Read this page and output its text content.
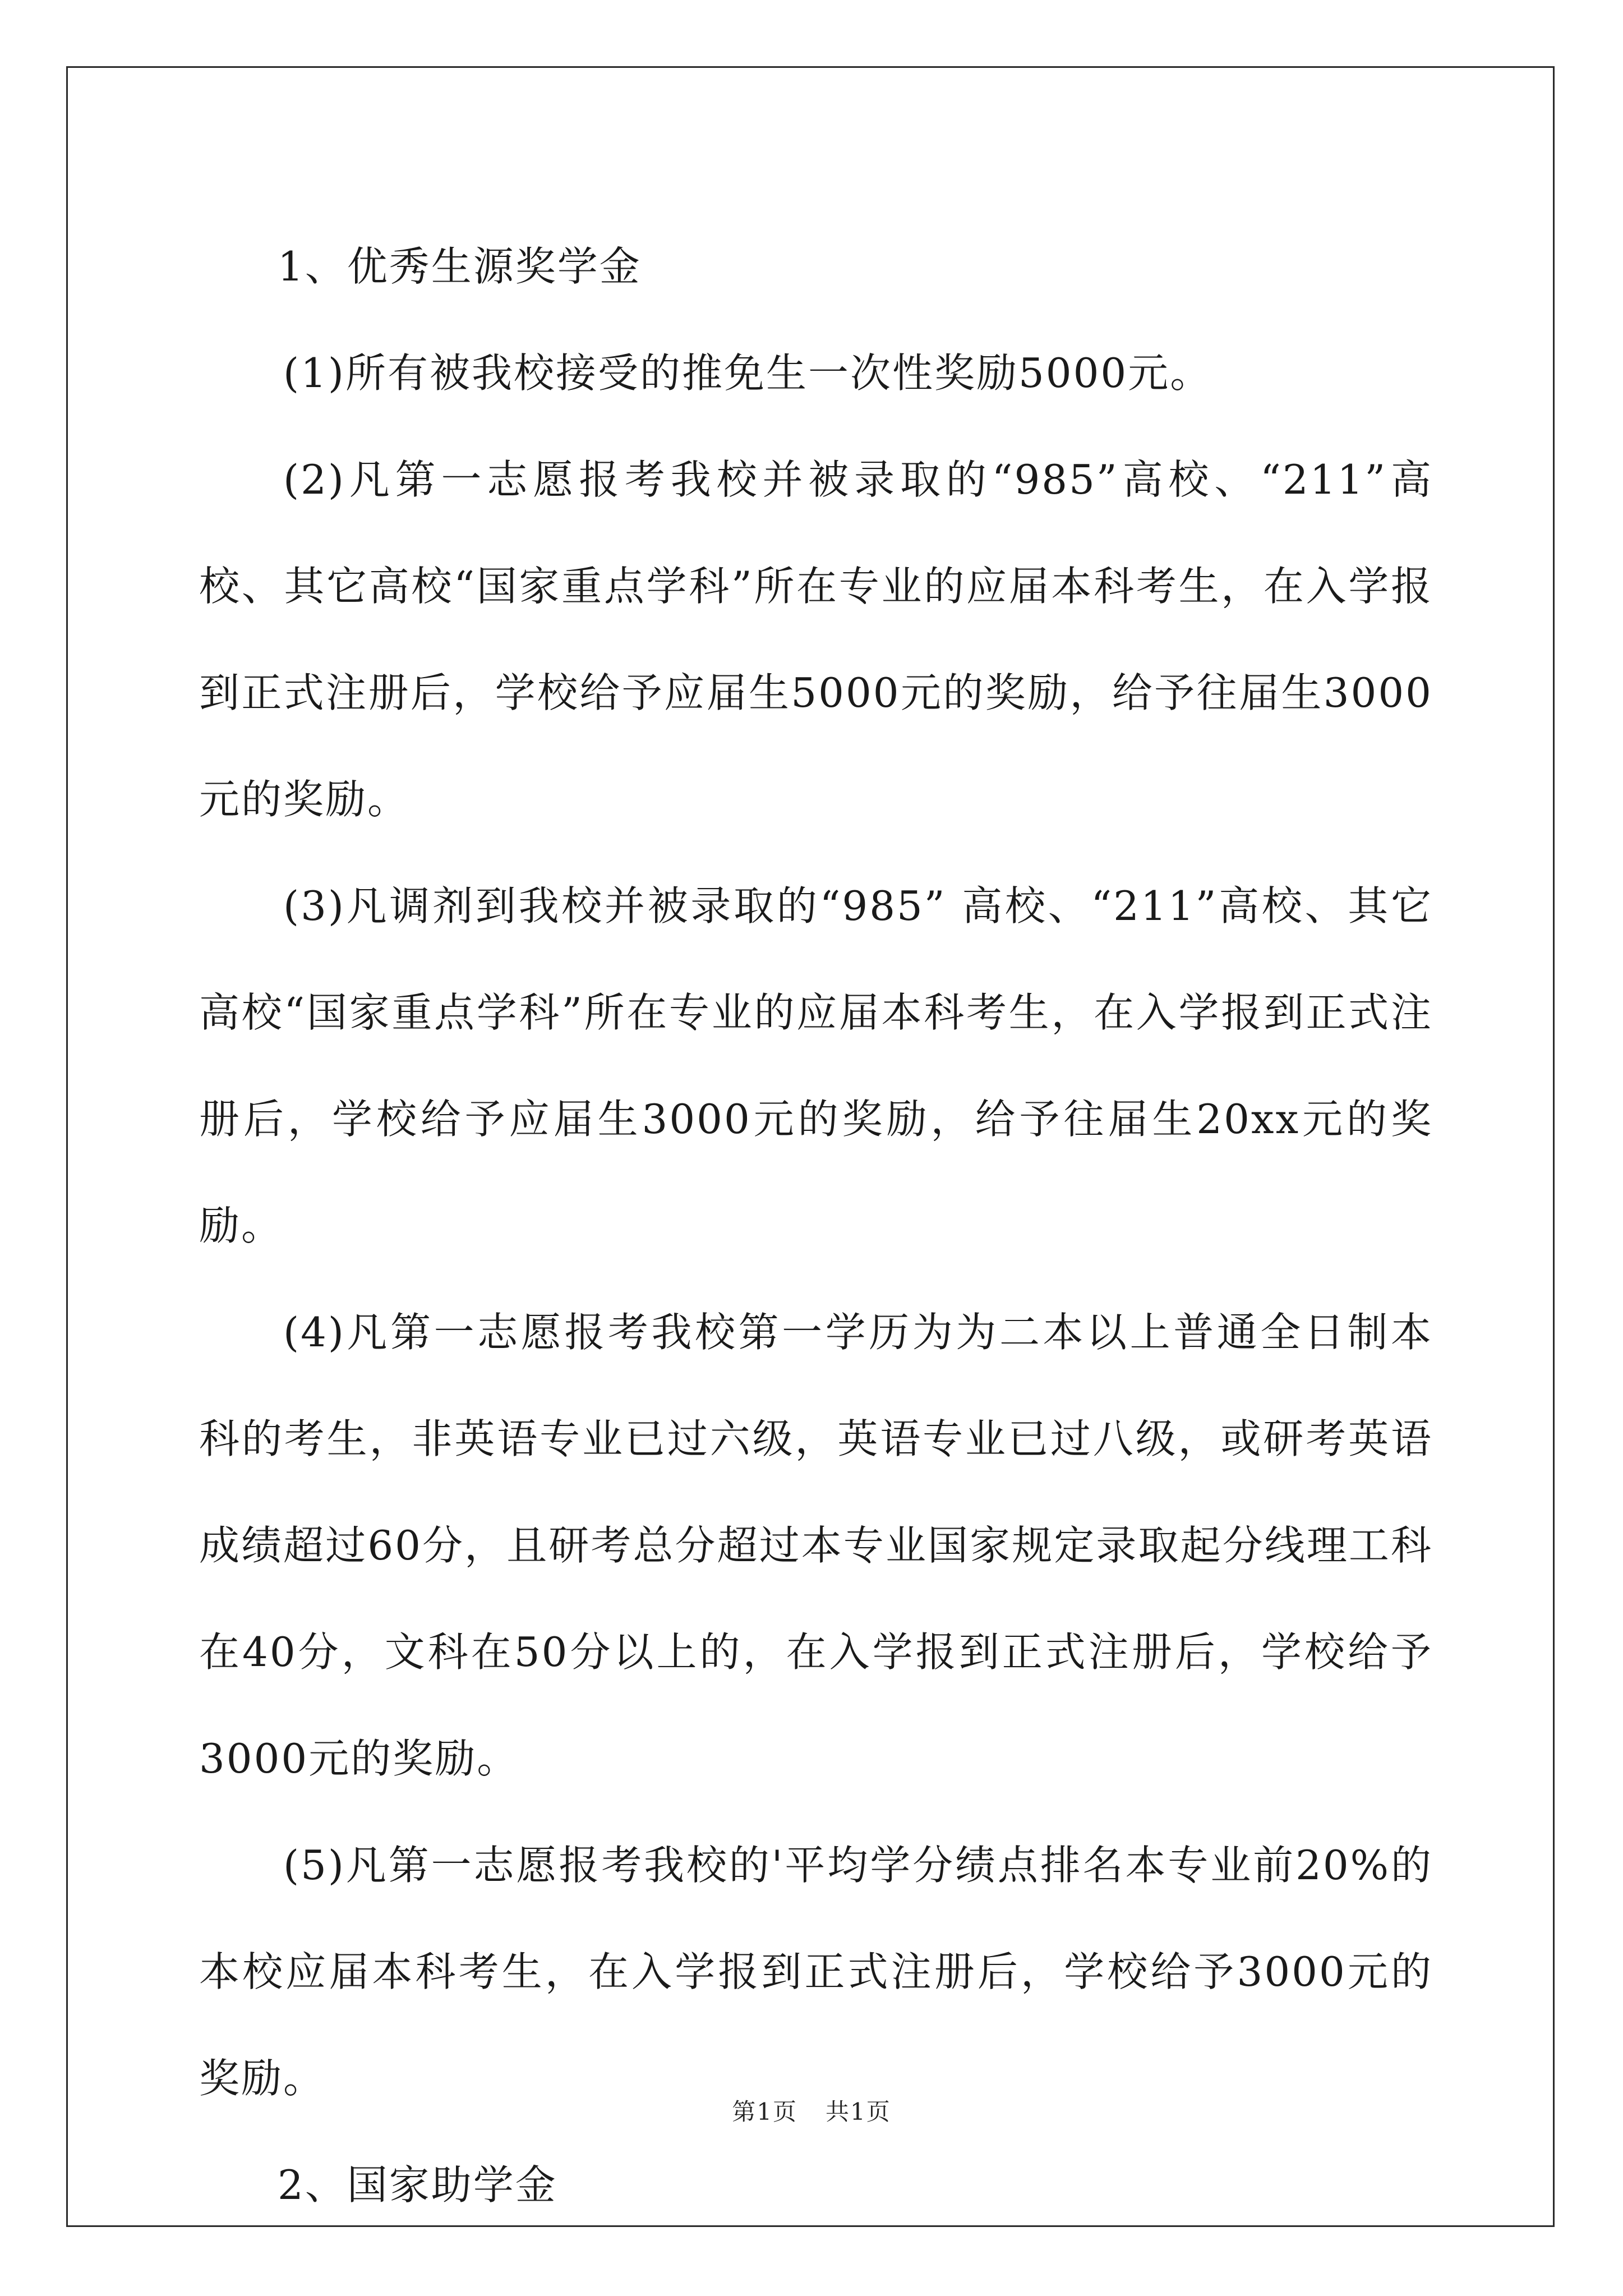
1、优秀生源奖学金

(1)所有被我校接受的推免生一次性奖励5000元。

(2)凡第一志愿报考我校并被录取的“985”高校、“211”高校、其它高校“国家重点学科”所在专业的应届本科考生，在入学报到正式注册后，学校给予应届生5000元的奖励，给予往届生3000元的奖励。

(3)凡调剂到我校并被录取的“985” 高校、“211”高校、其它高校“国家重点学科”所在专业的应届本科考生，在入学报到正式注册后，学校给予应届生3000元的奖励，给予往届生20xx元的奖励。

(4)凡第一志愿报考我校第一学历为为二本以上普通全日制本科的考生，非英语专业已过六级，英语专业已过八级，或研考英语成绩超过60分，且研考总分超过本专业国家规定录取起分线理工科在40分，文科在50分以上的，在入学报到正式注册后，学校给予3000元的奖励。

(5)凡第一志愿报考我校的'平均学分绩点排名本专业前20%的本校应届本科考生，在入学报到正式注册后，学校给予3000元的奖励。

2、国家助学金

第1页 共1页
